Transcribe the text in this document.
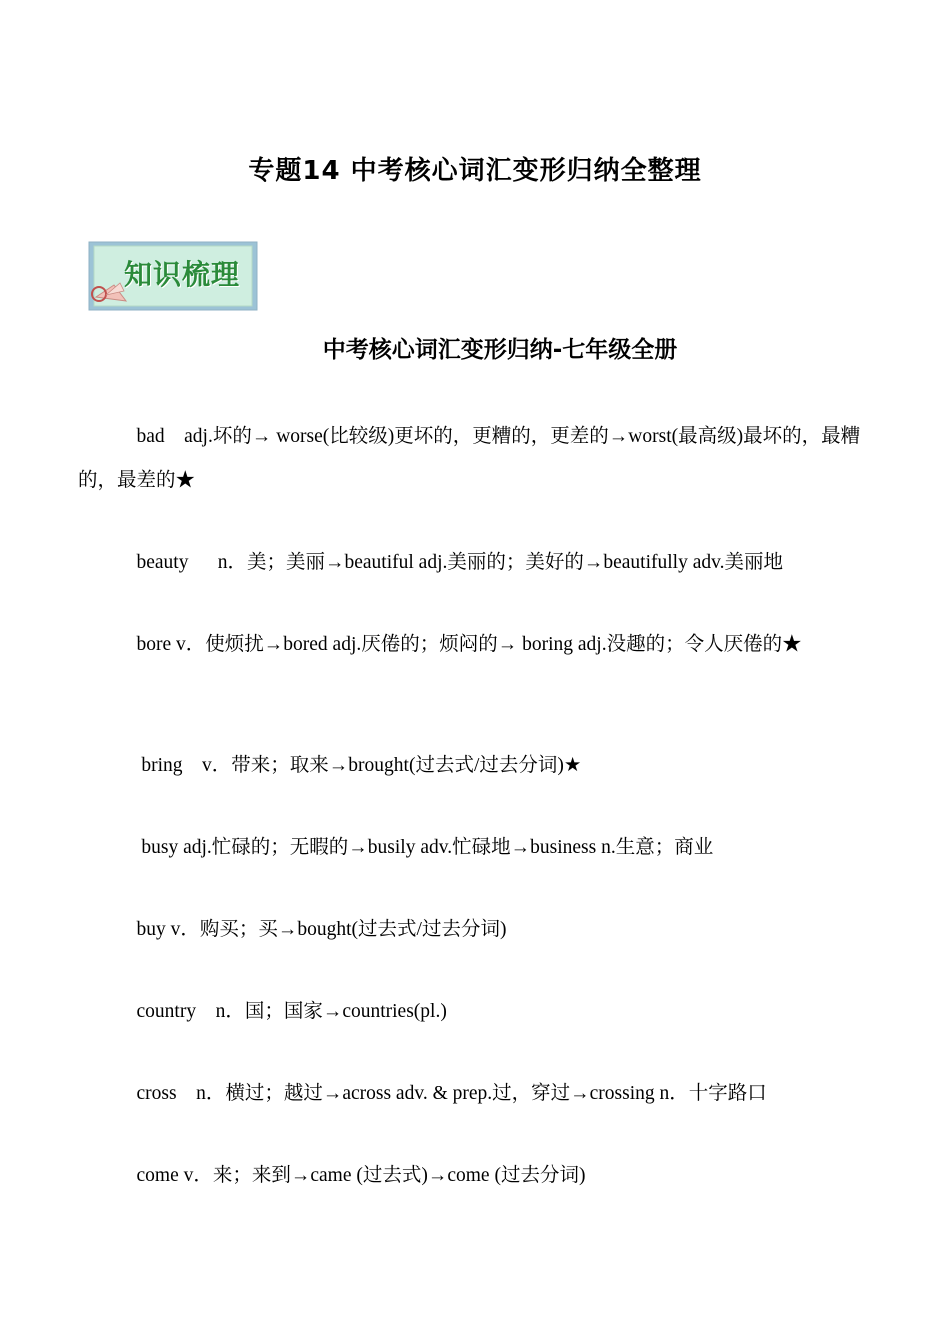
专题14 中考核心词汇变形归纳全整理
知识梳理
中考核心词汇变形归纳-七年级全册

bad    adj.坏的→ worse(比较级)更坏的，更糟的，更差的→worst(最高级)最坏的，最糟的，最差的★

beauty      n．美；美丽→beautiful adj.美丽的；美好的→beautifully adv.美丽地

bore v．使烦扰→bored adj.厌倦的；烦闷的→ boring adj.没趣的；令人厌倦的★

bring    v．带来；取来→brought(过去式/过去分词)★

busy adj.忙碌的；无暇的→busily adv.忙碌地→business n.生意；商业

buy v．购买；买→bought(过去式/过去分词)

country    n．国；国家→countries(pl.)

cross    n．横过；越过→across adv. & prep.过，穿过→crossing n．十字路口

come v．来；来到→came (过去式)→come (过去分词)
